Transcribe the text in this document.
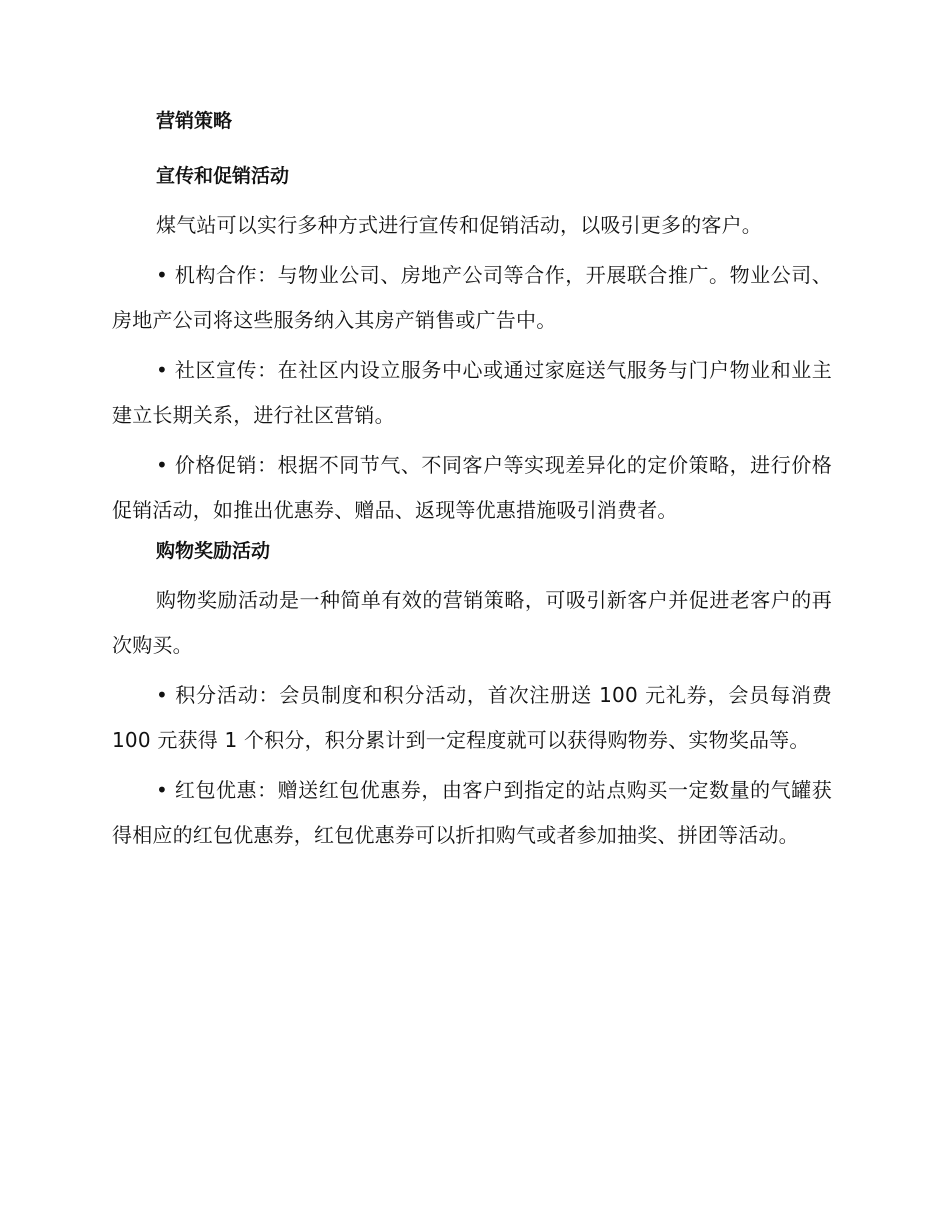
营销策略

宣传和促销活动

煤气站可以实行多种方式进行宣传和促销活动，以吸引更多的客户。

• 机构合作：与物业公司、房地产公司等合作，开展联合推广。物业公司、房地产公司将这些服务纳入其房产销售或广告中。

• 社区宣传：在社区内设立服务中心或通过家庭送气服务与门户物业和业主建立长期关系，进行社区营销。

• 价格促销：根据不同节气、不同客户等实现差异化的定价策略，进行价格促销活动，如推出优惠券、赠品、返现等优惠措施吸引消费者。

购物奖励活动

购物奖励活动是一种简单有效的营销策略，可吸引新客户并促进老客户的再次购买。

• 积分活动：会员制度和积分活动，首次注册送 100 元礼券，会员每消费 100 元获得 1 个积分，积分累计到一定程度就可以获得购物券、实物奖品等。

• 红包优惠：赠送红包优惠券，由客户到指定的站点购买一定数量的气罐获得相应的红包优惠券，红包优惠券可以折扣购气或者参加抽奖、拼团等活动。
